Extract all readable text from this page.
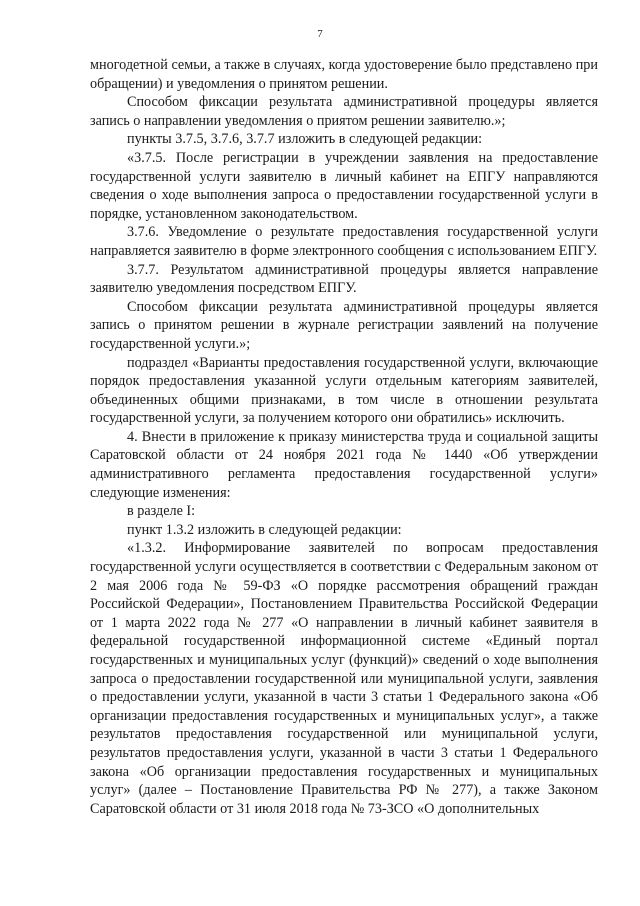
7

многодетной семьи, а также в случаях, когда удостоверение было представлено при обращении) и уведомления о принятом решении.

Способом фиксации результата административной процедуры является запись о направлении уведомления о приятом решении заявителю.»;

пункты 3.7.5, 3.7.6, 3.7.7 изложить в следующей редакции:

«3.7.5. После регистрации в учреждении заявления на предоставление государственной услуги заявителю в личный кабинет на ЕПГУ направляются сведения о ходе выполнения запроса о предоставлении государственной услуги в порядке, установленном законодательством.

3.7.6. Уведомление о результате предоставления государственной услуги направляется заявителю в форме электронного сообщения с использованием ЕПГУ.

3.7.7. Результатом административной процедуры является направление заявителю уведомления посредством ЕПГУ.

Способом фиксации результата административной процедуры является запись о принятом решении в журнале регистрации заявлений на получение государственной услуги.»;

подраздел «Варианты предоставления государственной услуги, включающие порядок предоставления указанной услуги отдельным категориям заявителей, объединенных общими признаками, в том числе в отношении результата государственной услуги, за получением которого они обратились» исключить.

4. Внести в приложение к приказу министерства труда и социальной защиты Саратовской области от 24 ноября 2021 года № 1440 «Об утверждении административного регламента предоставления государственной услуги» следующие изменения:

в разделе I:

пункт 1.3.2 изложить в следующей редакции:

«1.3.2. Информирование заявителей по вопросам предоставления государственной услуги осуществляется в соответствии с Федеральным законом от 2 мая 2006 года № 59-ФЗ «О порядке рассмотрения обращений граждан Российской Федерации», Постановлением Правительства Российской Федерации от 1 марта 2022 года № 277 «О направлении в личный кабинет заявителя в федеральной государственной информационной системе «Единый портал государственных и муниципальных услуг (функций)» сведений о ходе выполнения запроса о предоставлении государственной или муниципальной услуги, заявления о предоставлении услуги, указанной в части 3 статьи 1 Федерального закона «Об организации предоставления государственных и муниципальных услуг», а также результатов предоставления государственной или муниципальной услуги, результатов предоставления услуги, указанной в части 3 статьи 1 Федерального закона «Об организации предоставления государственных и муниципальных услуг» (далее – Постановление Правительства РФ № 277), а также Законом Саратовской области от 31 июля 2018 года № 73-ЗСО «О дополнительных
